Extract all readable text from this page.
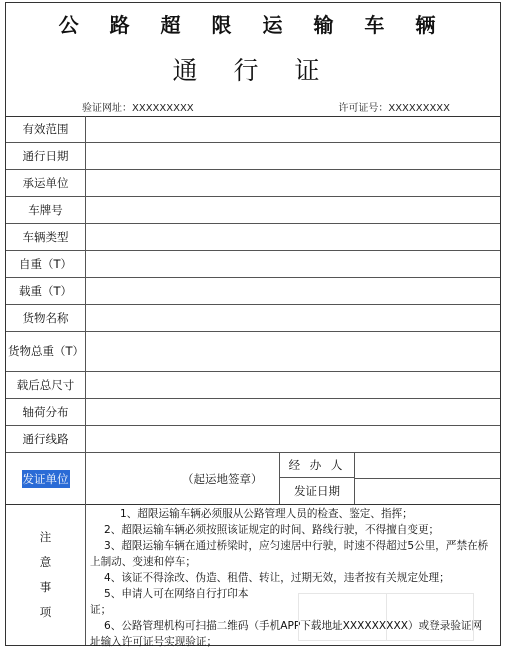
公 路 超 限 运 输 车 辆
通 行 证
验证网址：XXXXXXXXX	许可证号：XXXXXXXXX
有效范围
通行日期
承运单位
车牌号
车辆类型
自重（T）
载重（T）
货物名称
货物总重（T）
载后总尺寸
轴荷分布
通行线路
发证单位	（起运地签章）
经 办 人
发证日期
注
意
事
项
1、超限运输车辆必须服从公路管理人员的检查、鉴定、指挥；
2、超限运输车辆必须按照该证规定的时间、路线行驶，不得擅自变更；
3、超限运输车辆在通过桥梁时，应匀速居中行驶，时速不得超过5公里，严禁在桥上制动、变速和停车；
4、该证不得涂改、伪造、租借、转让，过期无效，违者按有关规定处理；
5、申请人可在网络自行打印本证；
6、公路管理机构可扫描二维码（手机APP下载地址XXXXXXXXX）或登录验证网址输入许可证号实现验证；
